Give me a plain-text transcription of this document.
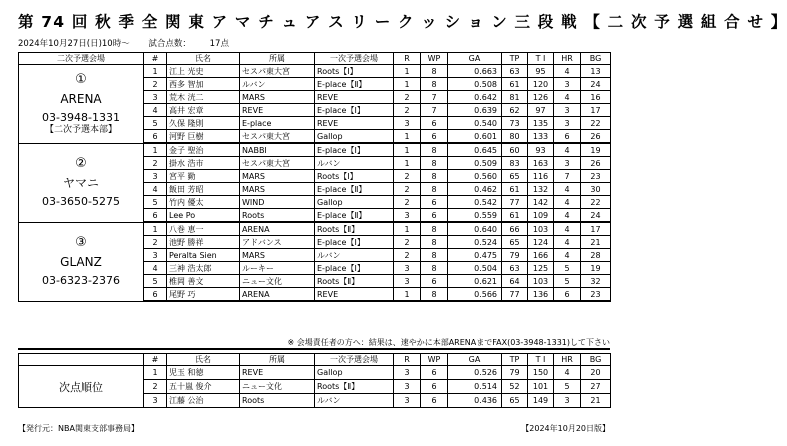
第 74 回 秋 季 全 関 東 ア マ チ ュ ア ス リ ー ク ッ シ ョ ン 三 段 戦 【 二 次 予 選 組 合 せ 】
2024年10月27日(日)10時～ 試合点数： 17点
二次予選会場	#	氏名	所属	一次予選会場	R	WP	GA	TP	T I	HR	BG

①
ARENA
03-3948-1331
【二次予選本部】	1	江上 光史	セスパ東大宮	Roots【Ⅰ】	1	8	0.663	63	95	4	13
	2	西多 智加	ルバン	E-place【Ⅱ】	1	8	0.508	61	120	3	24
	3	荒木 洸二	MARS	REVE	2	7	0.642	81	126	4	16
	4	高井 宏章	REVE	E-place【Ⅰ】	2	7	0.639	62	97	3	17
	5	久保 隆則	E-place	REVE	3	6	0.540	73	135	3	22
	6	河野 巨樹	セスパ東大宮	Gallop	1	6	0.601	80	133	6	26

②
ヤマニ
03-3650-5275	1	金子 聖治	NABBI	E-place【Ⅰ】	1	8	0.645	60	93	4	19
	2	掛水 浩市	セスパ東大宮	ルバン	1	8	0.509	83	163	3	26
	3	宮平 勤	MARS	Roots【Ⅰ】	2	8	0.560	65	116	7	23
	4	飯田 芳昭	MARS	E-place【Ⅱ】	2	8	0.462	61	132	4	30
	5	竹内 優太	WIND	Gallop	2	6	0.542	77	142	4	22
	6	Lee Po	Roots	E-place【Ⅱ】	3	6	0.559	61	109	4	24

③
GLANZ
03-6323-2376	1	八巻 恵一	ARENA	Roots【Ⅱ】	1	8	0.640	66	103	4	17
	2	池野 勝祥	アドバンス	E-place【Ⅰ】	2	8	0.524	65	124	4	21
	3	Peralta Sien	MARS	ルバン	2	8	0.475	79	166	4	28
	4	三神 浩太郎	ルーキー	E-place【Ⅰ】	3	8	0.504	63	125	5	19
	5	椎岡 善文	ニュー文化	Roots【Ⅱ】	3	6	0.621	64	103	5	32
	6	尾野 巧	ARENA	REVE	1	8	0.566	77	136	6	23
※ 会場責任者の方へ：結果は、速やかに本部ARENAまでFAX(03-3948-1331)して下さい
	#	氏名	所属	一次予選会場	R	WP	GA	TP	T I	HR	BG
次点順位	1	児玉 和徳	REVE	Gallop	3	6	0.526	79	150	4	20
	2	五十嵐 俊介	ニュー文化	Roots【Ⅱ】	3	6	0.514	52	101	5	27
	3	江藤 公治	Roots	ルバン	3	6	0.436	65	149	3	21
【発行元：NBA関東支部事務局】	【2024年10月20日版】
